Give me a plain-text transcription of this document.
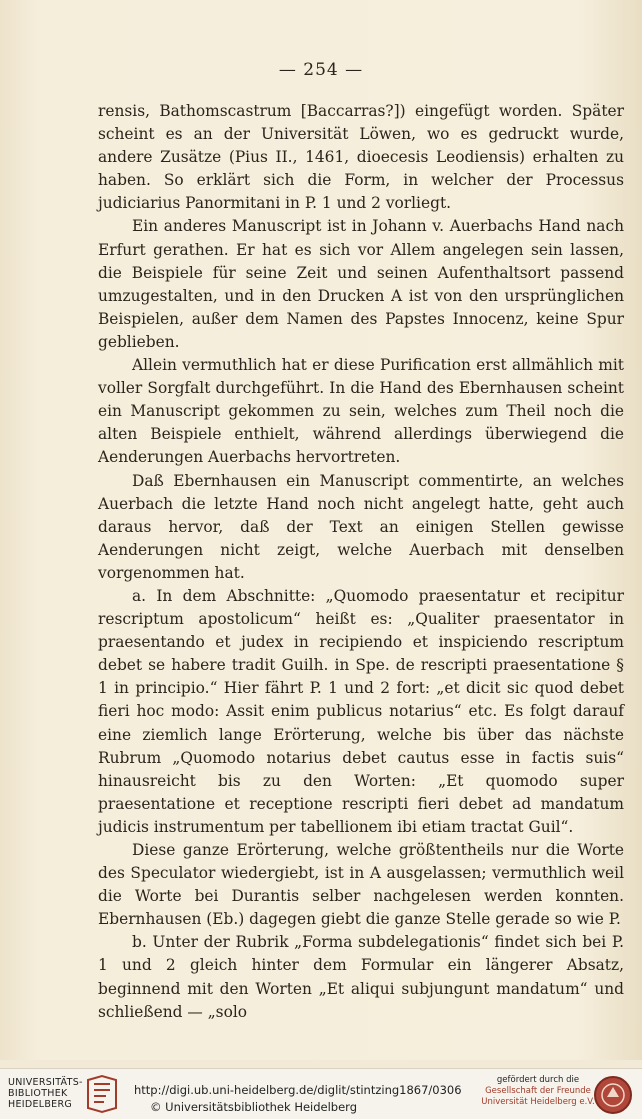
— 254 —

rensis, Bathomscastrum [Baccarras?]) eingefügt worden. Später scheint es an der Universität Löwen, wo es gedruckt wurde, andere Zusätze (Pius II., 1461, dioecesis Leodiensis) erhalten zu haben. So erklärt sich die Form, in welcher der Processus judiciarius Panormitani in P. 1 und 2 vorliegt.

Ein anderes Manuscript ist in Johann v. Auerbachs Hand nach Erfurt gerathen. Er hat es sich vor Allem angelegen sein lassen, die Beispiele für seine Zeit und seinen Aufenthaltsort passend umzugestalten, und in den Drucken A ist von den ursprünglichen Beispielen, außer dem Namen des Papstes Innocenz, keine Spur geblieben.

Allein vermuthlich hat er diese Purification erst allmählich mit voller Sorgfalt durchgeführt. In die Hand des Ebernhausen scheint ein Manuscript gekommen zu sein, welches zum Theil noch die alten Beispiele enthielt, während allerdings überwiegend die Aenderungen Auerbachs hervortreten.

Daß Ebernhausen ein Manuscript commentirte, an welches Auerbach die letzte Hand noch nicht angelegt hatte, geht auch daraus hervor, daß der Text an einigen Stellen gewisse Aenderungen nicht zeigt, welche Auerbach mit denselben vorgenommen hat.

a. In dem Abschnitte: „Quomodo praesentatur et recipitur rescriptum apostolicum“ heißt es: „Qualiter praesentator in praesentando et judex in recipiendo et inspiciendo rescriptum debet se habere tradit Guilh. in Spe. de rescripti praesentatione § 1 in principio.“ Hier fährt P. 1 und 2 fort: „et dicit sic quod debet fieri hoc modo: Assit enim publicus notarius“ etc. Es folgt darauf eine ziemlich lange Erörterung, welche bis über das nächste Rubrum „Quomodo notarius debet cautus esse in factis suis“ hinausreicht bis zu den Worten: „Et quomodo super praesentatione et receptione rescripti fieri debet ad mandatum judicis instrumentum per tabellionem ibi etiam tractat Guil“.

Diese ganze Erörterung, welche größtentheils nur die Worte des Speculator wiedergiebt, ist in A ausgelassen; vermuthlich weil die Worte bei Durantis selber nachgelesen werden konnten. Ebernhausen (Eb.) dagegen giebt die ganze Stelle gerade so wie P.

b. Unter der Rubrik „Forma subdelegationis“ findet sich bei P. 1 und 2 gleich hinter dem Formular ein längerer Absatz, beginnend mit den Worten „Et aliqui subjungunt mandatum“ und schließend — „solo

UNIVERSITÄTS-
BIBLIOTHEK
HEIDELBERG
http://digi.ub.uni-heidelberg.de/diglit/stintzing1867/0306
© Universitätsbibliothek Heidelberg
gefördert durch die
Gesellschaft der Freunde
Universität Heidelberg e.V.
